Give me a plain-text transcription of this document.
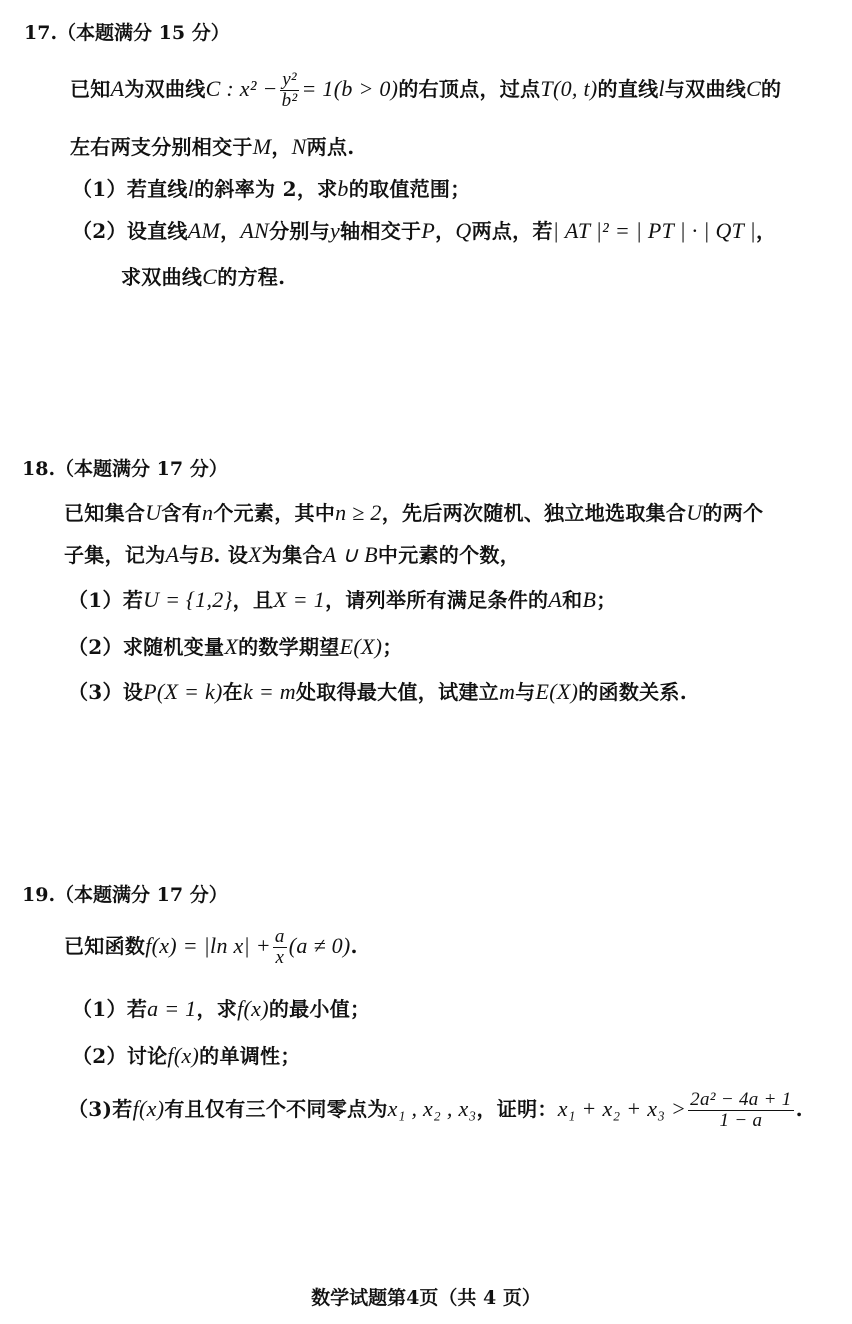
17.（本题满分 15 分）
已知A为双曲线C : $x^2 - \frac{\text{y²}}{\text{b²}} = 1(b > 0)$的右顶点，过点T(0, t)的直线l与双曲线C的
左右两支分别相交于M，N两点.
（1）若直线l的斜率为 2，求b的取值范围；
（2）设直线AM，AN分别与y轴相交于P，Q两点，若| AT |² = | PT | · | QT |，
求双曲线C的方程.
18.（本题满分 17 分）
已知集合U含有n个元素，其中n ≥ 2，先后两次随机、独立地选取集合U的两个
子集，记为A与B. 设X为集合A ∪ B中元素的个数，
（1）若U = {1,2}，且X = 1，请列举所有满足条件的A和B；
（2）求随机变量X的数学期望E(X)；
（3）设P(X = k)在k = m处取得最大值，试建立m与E(X)的函数关系.
19.（本题满分 17 分）
已知函数f(x) = |ln $x| + \frac{a}{x} (a \ne 0)$.
（1）若a = 1，求f(x)的最小值；
（2）讨论f(x)的单调性；
（3)若f(x)有且仅有三个不同零点为x₁ , x₂ , x₃，证明：$x_1 + x_2 + x_3 > \frac{\text{2a² − 4a + 1}}{1 - a}$ .
数学试题第4页（共 4 页）
